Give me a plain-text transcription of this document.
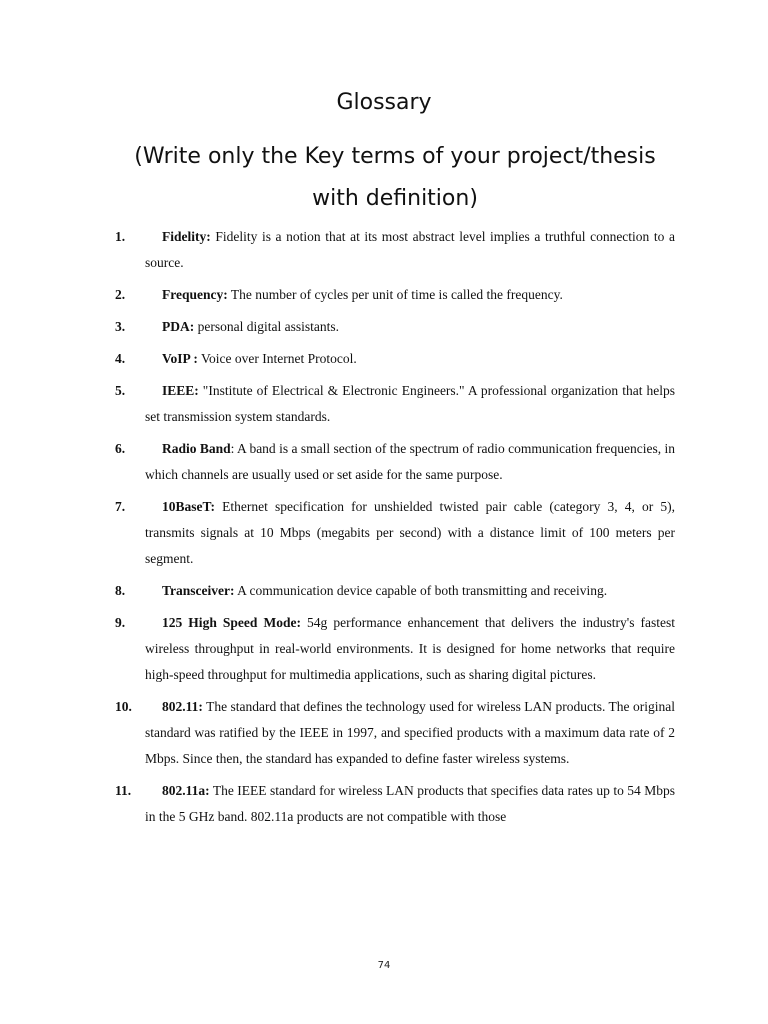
Glossary
(Write only the Key terms of your project/thesis with definition)
1.	Fidelity: Fidelity is a notion that at its most abstract level implies a truthful connection to a source.
2.	Frequency: The number of cycles per unit of time is called the frequency.
3.	PDA: personal digital assistants.
4.	VoIP : Voice over Internet Protocol.
5.	IEEE: "Institute of Electrical & Electronic Engineers." A professional organization that helps set transmission system standards.
6.	Radio Band: A band is a small section of the spectrum of radio communication frequencies, in which channels are usually used or set aside for the same purpose.
7.	10BaseT: Ethernet specification for unshielded twisted pair cable (category 3, 4, or 5), transmits signals at 10 Mbps (megabits per second) with a distance limit of 100 meters per segment.
8.	Transceiver: A communication device capable of both transmitting and receiving.
9.	125 High Speed Mode: 54g performance enhancement that delivers the industry's fastest wireless throughput in real-world environments. It is designed for home networks that require high-speed throughput for multimedia applications, such as sharing digital pictures.
10.	802.11: The standard that defines the technology used for wireless LAN products. The original standard was ratified by the IEEE in 1997, and specified products with a maximum data rate of 2 Mbps. Since then, the standard has expanded to define faster wireless systems.
11.	802.11a: The IEEE standard for wireless LAN products that specifies data rates up to 54 Mbps in the 5 GHz band. 802.11a products are not compatible with those
74
